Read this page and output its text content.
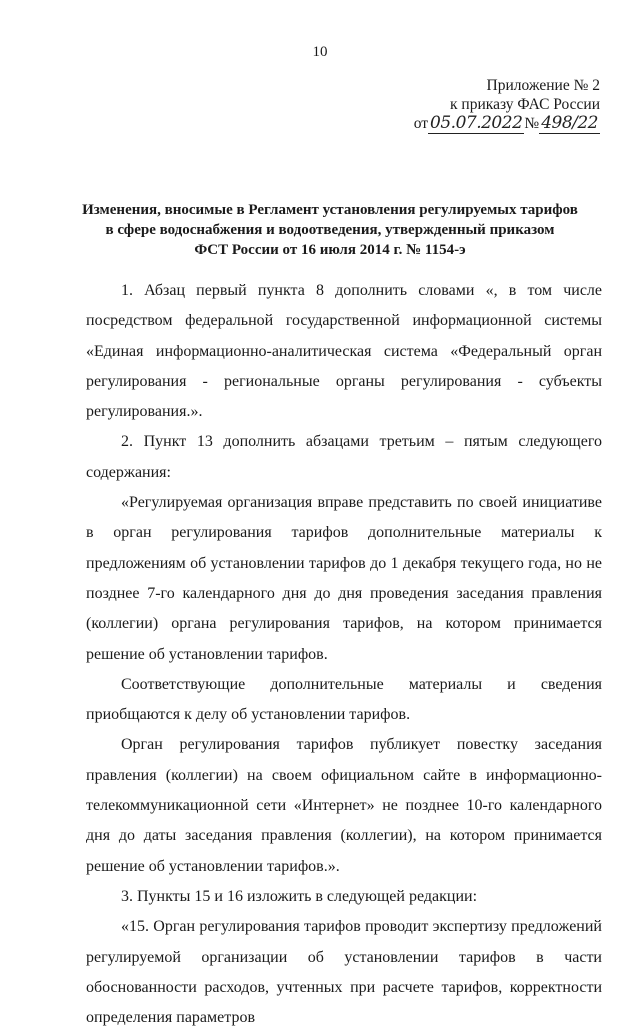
10
Приложение № 2
к приказу ФАС России
от 05.07.2022 № 498/22
Изменения, вносимые в Регламент установления регулируемых тарифов
в сфере водоснабжения и водоотведения, утвержденный приказом
ФСТ России от 16 июля 2014 г. № 1154-э

1. Абзац первый пункта 8 дополнить словами «, в том числе посредством федеральной государственной информационной системы «Единая информационно-аналитическая система «Федеральный орган регулирования - региональные органы регулирования - субъекты регулирования.».

2. Пункт 13 дополнить абзацами третьим – пятым следующего содержания:

«Регулируемая организация вправе представить по своей инициативе в орган регулирования тарифов дополнительные материалы к предложениям об установлении тарифов до 1 декабря текущего года, но не позднее 7-го календарного дня до дня проведения заседания правления (коллегии) органа регулирования тарифов, на котором принимается решение об установлении тарифов.

Соответствующие дополнительные материалы и сведения приобщаются к делу об установлении тарифов.

Орган регулирования тарифов публикует повестку заседания правления (коллегии) на своем официальном сайте в информационно-телекоммуникационной сети «Интернет» не позднее 10-го календарного дня до даты заседания правления (коллегии), на котором принимается решение об установлении тарифов.».

3. Пункты 15 и 16 изложить в следующей редакции:

«15. Орган регулирования тарифов проводит экспертизу предложений регулируемой организации об установлении тарифов в части обоснованности расходов, учтенных при расчете тарифов, корректности определения параметров
